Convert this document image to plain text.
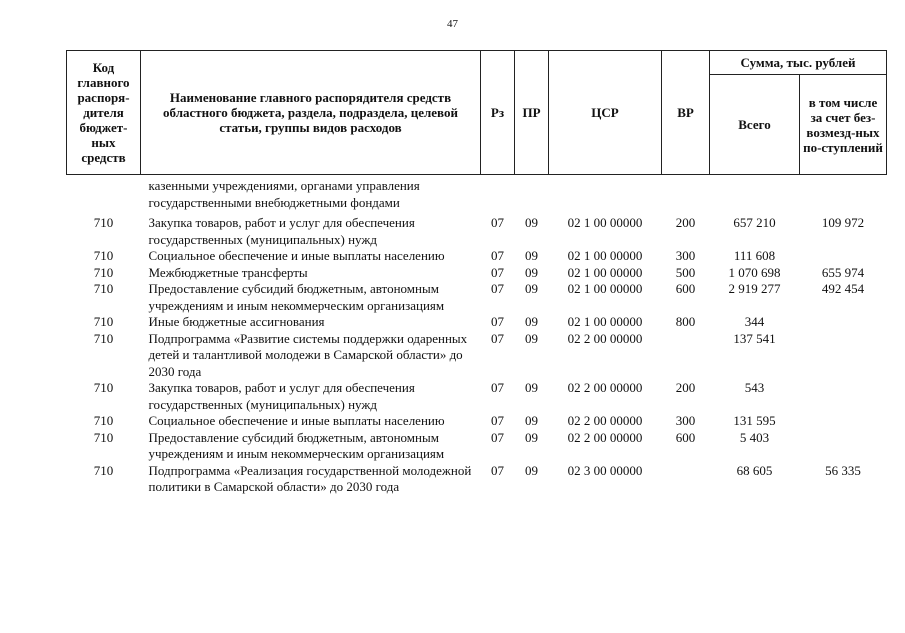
47
Код главного распоря-дителя бюджет-ных средств	Наименование главного распорядителя средств областного бюджета, раздела, подраздела, целевой статьи, группы видов расходов	Рз	ПР	ЦСР	ВР	Сумма, тыс. рублей	
						Всего	в том числе за счет без-возмезд-ных по-ступлений
	казенными учреждениями, органами управления государственными внебюджетными фондами						
710	Закупка товаров, работ и услуг для обеспечения государственных (муниципальных) нужд	07	09	02 1 00 00000	200	657 210	109 972
710	Социальное обеспечение и иные выплаты населению	07	09	02 1 00 00000	300	111 608	
710	Межбюджетные трансферты	07	09	02 1 00 00000	500	1 070 698	655 974
710	Предоставление субсидий бюджетным, автономным учреждениям и иным некоммерческим организациям	07	09	02 1 00 00000	600	2 919 277	492 454
710	Иные бюджетные ассигнования	07	09	02 1 00 00000	800	344	
710	Подпрограмма «Развитие системы поддержки одаренных детей и талантливой молодежи в Самарской области» до 2030 года	07	09	02 2 00 00000		137 541	
710	Закупка товаров, работ и услуг для обеспечения государственных (муниципальных) нужд	07	09	02 2 00 00000	200	543	
710	Социальное обеспечение и иные выплаты населению	07	09	02 2 00 00000	300	131 595	
710	Предоставление субсидий бюджетным, автономным учреждениям и иным некоммерческим организациям	07	09	02 2 00 00000	600	5 403	
710	Подпрограмма «Реализация государственной молодежной политики в Самарской области» до 2030 года	07	09	02 3 00 00000		68 605	56 335
